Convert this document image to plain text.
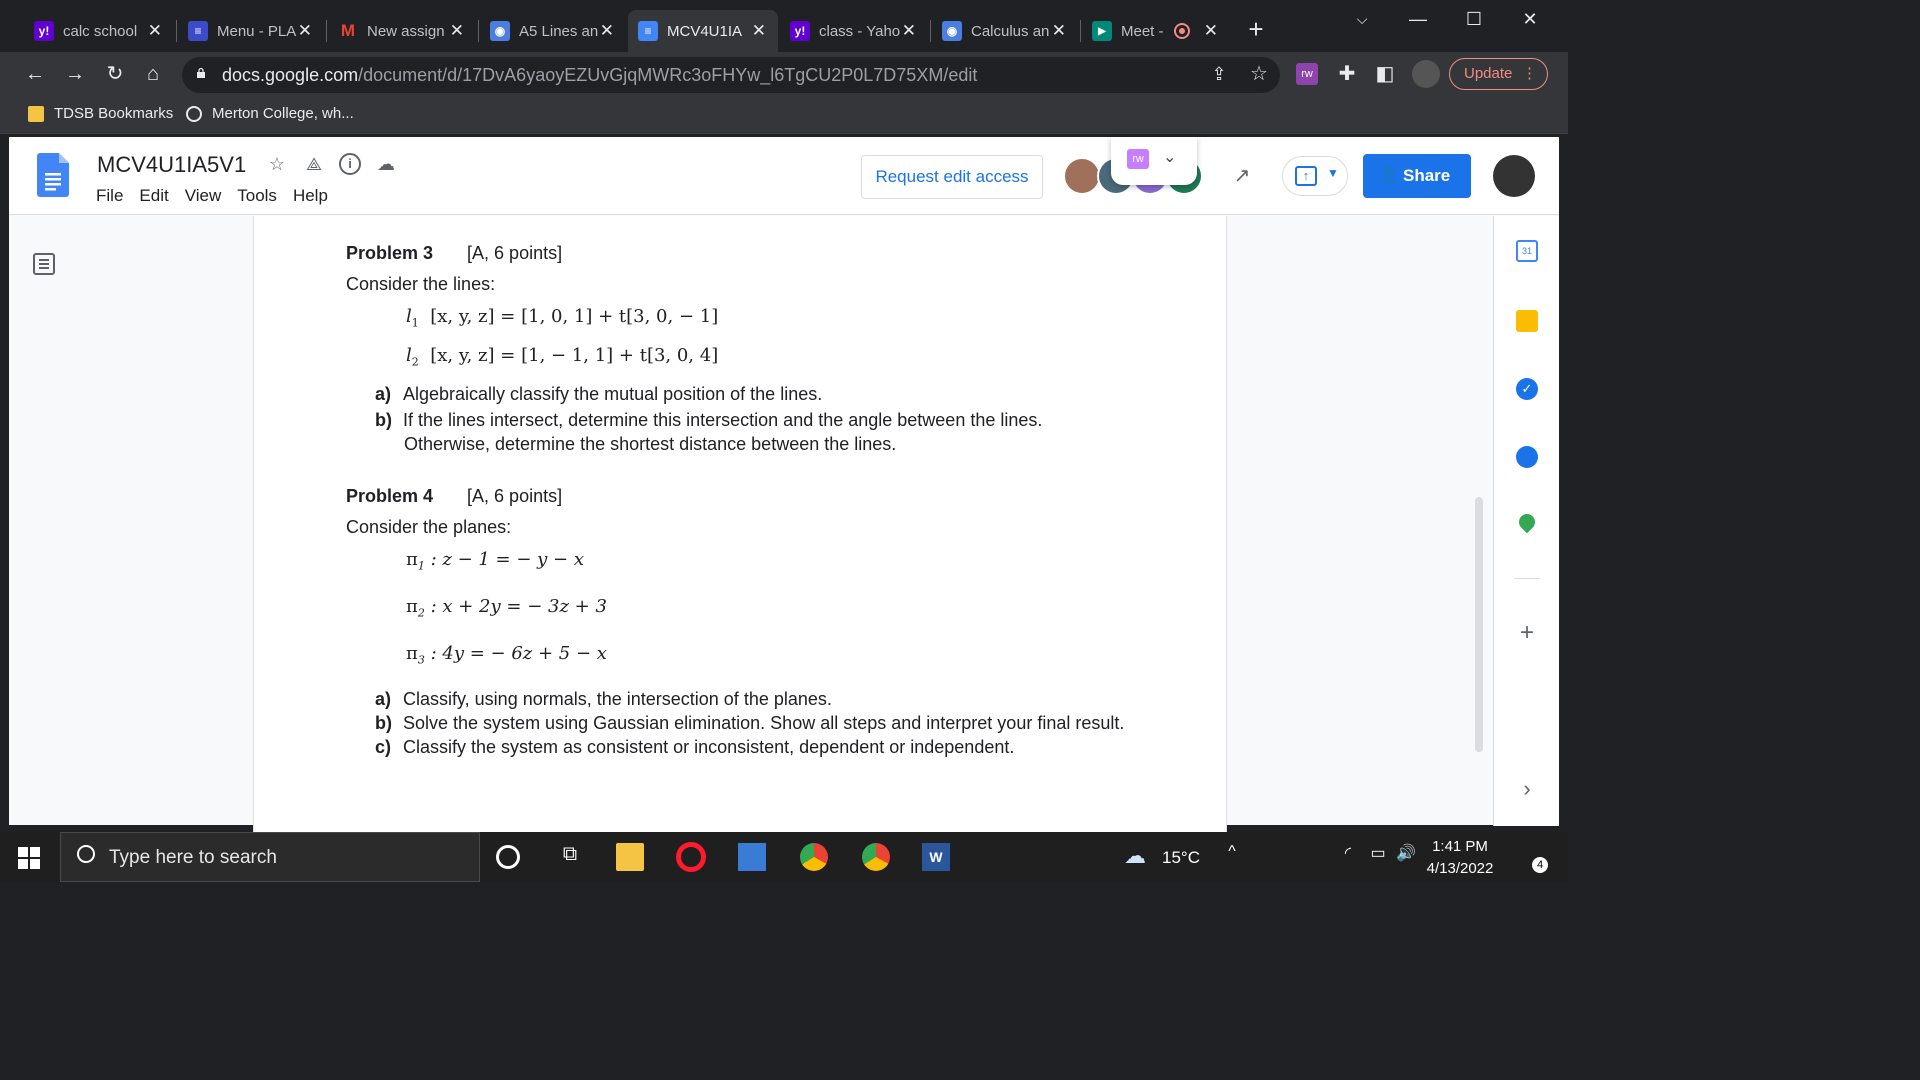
y! calc school ✕	≡	Menu - PLA ✕ M New assign ✕	◉ A5 Lines an ✕	≡	MCV4U1IA ✕	y! class - Yaho ✕	◉ Calculus an ✕	▶	Meet - ✕	+	⌵	—	☐	✕
← → ↻	⌂	docs.google.com/document/d/17DvA6yaoyEZUvGjqMWRc3oFHYw_l6TgCU2P0L7D75XM/edit	⇪ ☆	rw ✚ ◧	Update ⋮
TDSB Bookmarks	Merton College, wh...
MCV4U1IA5V1 ☆ ⟁	i	☁
File Edit View Tools Help
Request edit access
rw	⌄
↗	↑	▼	👤 Share
Problem 3 [A, 6 points]
Consider the lines:
$l_1$ [x, y, z] = [1, 0, 1] + t[3, 0, − 1]
$l_2$ [x, y, z] = [1, − 1, 1] + t[3, 0, 4]
a) Algebraically classify the mutual position of the lines.
b) If the lines intersect, determine this intersection and the angle between the lines.
Otherwise, determine the shortest distance between the lines.
Problem 4 [A, 6 points]
Consider the planes:
$\pi_1$ : z − 1 = − y − x
$\pi_2$ : x + 2y = − 3z + 3
$\pi_3$ : 4y = − 6z + 5 − x
a) Classify, using normals, the intersection of the planes.
b) Solve the system using Gaussian elimination. Show all steps and interpret your final result.
c) Classify the system as consistent or inconsistent, dependent or independent.
31
✓
+
›
Type here to search	⧉	W	☁ 15°C	^	◜	▭ 🔊	1:41 PM
4/13/2022	4
